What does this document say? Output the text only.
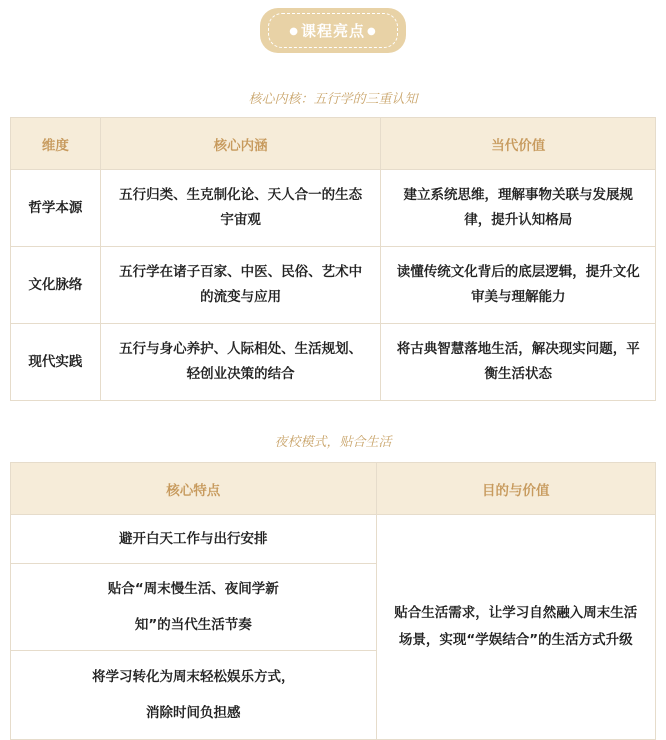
● 课程亮点 ●
核心内核：五行学的三重认知
维度	核心内涵	当代价值
哲学本源	五行归类、生克制化论、天人合一的生态宇宙观	建立系统思维，理解事物关联与发展规律，提升认知格局
文化脉络	五行学在诸子百家、中医、民俗、艺术中的流变与应用	读懂传统文化背后的底层逻辑，提升文化审美与理解能力
现代实践	五行与身心养护、人际相处、生活规划、轻创业决策的结合	将古典智慧落地生活，解决现实问题，平衡生活状态
夜校模式，贴合生活
核心特点	目的与价值
避开白天工作与出行安排	贴合生活需求，让学习自然融入周末生活场景，实现“学娱结合”的生活方式升级
贴合“周末慢生活、夜间学新知”的当代生活节奏	
将学习转化为周末轻松娱乐方式，消除时间负担感	
